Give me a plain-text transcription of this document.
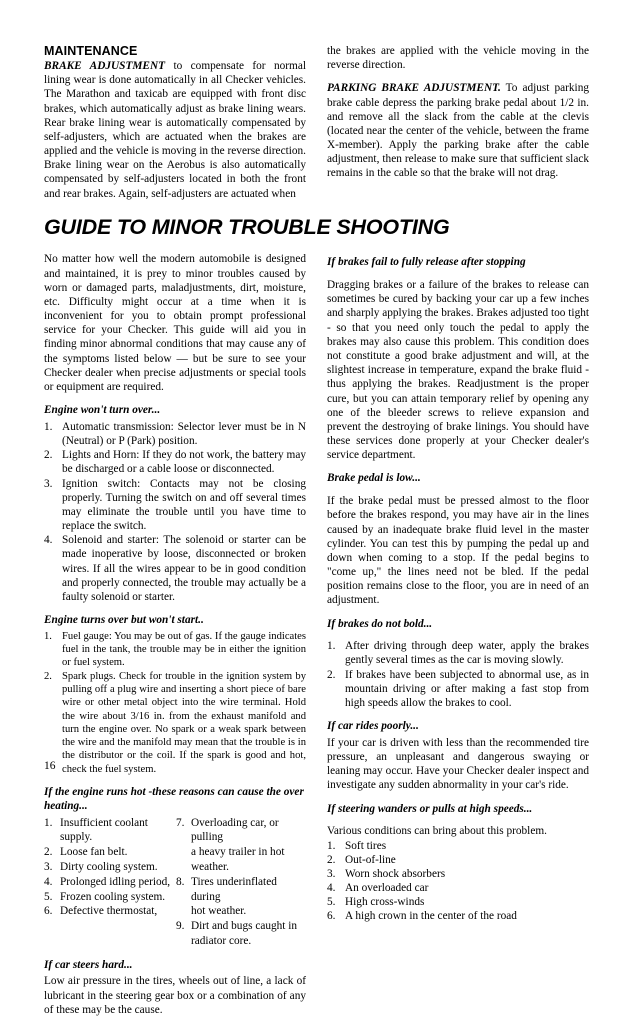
MAINTENANCE

BRAKE ADJUSTMENT to compensate for normal lining wear is done automatically in all Checker vehicles. The Marathon and taxicab are equipped with front disc brakes, which automatically adjust as brake lining wears. Rear brake lining wear is automatically compensated by self-adjusters, which are actuated when the brakes are applied and the vehicle is moving in the reverse direction. Brake lining wear on the Aerobus is also automatically compensated by self-adjusters located in both the front and rear brakes. Again, self-adjusters are actuated when

the brakes are applied with the vehicle moving in the reverse direction.

PARKING BRAKE ADJUSTMENT. To adjust parking brake cable depress the parking brake pedal about 1/2 in. and remove all the slack from the cable at the clevis (located near the center of the vehicle, between the frame X-member). Apply the parking brake after the cable adjustment, then release to make sure that sufficient slack remains in the cable so that the brake will not drag.

GUIDE TO MINOR TROUBLE SHOOTING

No matter how well the modern automobile is designed and maintained, it is prey to minor troubles caused by worn or damaged parts, maladjustments, dirt, moisture, etc. Difficulty might occur at a time when it is inconvenient for you to obtain prompt professional service for your Checker. This guide will aid you in finding minor abnormal conditions that may cause any of the symptoms listed below — but be sure to see your Checker dealer when precise adjustments or special tools or equipment are required.

Engine won't turn over...
1. Automatic transmission: Selector lever must be in N (Neutral) or P (Park) position.
2. Lights and Horn: If they do not work, the battery may be discharged or a cable loose or disconnected.
3. Ignition switch: Contacts may not be closing properly. Turning the switch on and off several times may eliminate the trouble until you have time to replace the switch.
4. Solenoid and starter: The solenoid or starter can be made inoperative by loose, disconnected or broken wires. If all the wires appear to be in good condition and properly connected, the trouble may actually be a faulty solenoid or starter.
Engine turns over but won't start..
1. Fuel gauge: You may be out of gas. If the gauge indicates fuel in the tank, the trouble may be in either the ignition or fuel system.
2. Spark plugs. Check for trouble in the ignition system by pulling off a plug wire and inserting a short piece of bare wire or other metal object into the wire terminal. Hold the wire about 3/16 in. from the exhaust manifold and turn the engine over. No spark or a weak spark between the wire and the manifold may mean that the trouble is in the distributor or the coil. If the spark is good and hot, check the fuel system.
If the engine runs hot -these reasons can cause the over
heating...
1. Insufficient coolant supply.
2. Loose fan belt.
3. Dirty cooling system.
4. Prolonged idling period,
5. Frozen cooling system.
6. Defective thermostat,
7. Overloading car, or pulling
a heavy trailer in hot weather.
8. Tires underinflated during
hot weather.
9. Dirt and bugs caught in
radiator core.
If car steers hard...

Low air pressure in the tires, wheels out of line, a lack of lubricant in the steering gear box or a combination of any of these may be the cause.

If brakes fail to fully release after stopping

Dragging brakes or a failure of the brakes to release can sometimes be cured by backing your car up a few inches and sharply applying the brakes. Brakes adjusted too tight - so that you need only touch the pedal to apply the brakes may also cause this problem. This condition does not constitute a good brake adjustment and will, at the slightest increase in temperature, expand the brake fluid - thus applying the brakes. Readjustment is the proper cure, but you can attain temporary relief by opening any one of the bleeder screws to relieve expansion and prevent the destroying of brake linings. You should have these services done properly at your Checker dealer's service department.

Brake pedal is low...

If the brake pedal must be pressed almost to the floor before the brakes respond, you may have air in the lines caused by an inadequate brake fluid level in the master cylinder. You can test this by pumping the pedal up and down when coming to a stop. If the pedal begins to "come up," the lines need not be bled. If the pedal position remains close to the floor, you are in need of an adjustment.

If brakes do not bold...
1. After driving through deep water, apply the brakes gently several times as the car is moving slowly.
2. If brakes have been subjected to abnormal use, as in mountain driving or after making a fast stop from high speeds allow the brakes to cool.
If car rides poorly...

If your car is driven with less than the recommended tire pressure, an unpleasant and dangerous swaying or leaning may occur. Have your Checker dealer inspect and investigate any sudden abnormality in your car's ride.

If steering wanders or pulls at high speeds...

Various conditions can bring about this problem.

1. Soft tires
2. Out-of-line
3. Worn shock absorbers
4. An overloaded car
5. High cross-winds
6. A high crown in the center of the road
16
